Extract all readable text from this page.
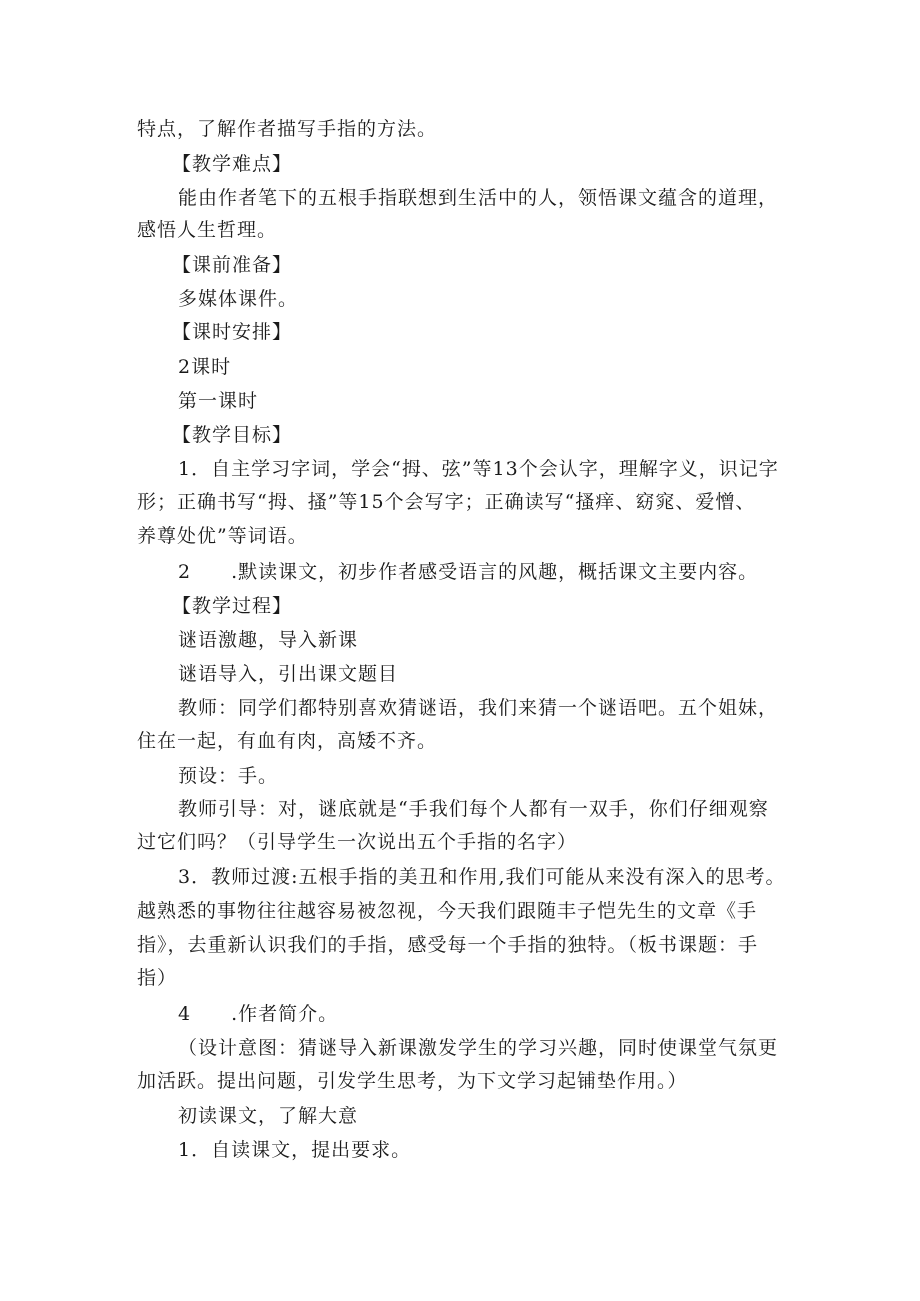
特点，了解作者描写手指的方法。
【教学难点】
能由作者笔下的五根手指联想到生活中的人，领悟课文蕴含的道理，
感悟人生哲理。
【课前准备】
多媒体课件。
【课时安排】
2课时
第一课时
【教学目标】
1．自主学习字词，学会“拇、弦”等13个会认字，理解字义，识记字
形；正确书写“拇、搔”等15个会写字；正确读写“搔痒、窈窕、爱憎、
养尊处优”等词语。
2　　.默读课文，初步作者感受语言的风趣，概括课文主要内容。
【教学过程】
谜语激趣，导入新课
谜语导入，引出课文题目
教师：同学们都特别喜欢猜谜语，我们来猜一个谜语吧。五个姐妹，
住在一起，有血有肉，高矮不齐。
预设：手。
教师引导：对，谜底就是“手我们每个人都有一双手，你们仔细观察
过它们吗？（引导学生一次说出五个手指的名字）
3．教师过渡:五根手指的美丑和作用,我们可能从来没有深入的思考。
越熟悉的事物往往越容易被忽视，今天我们跟随丰子恺先生的文章《手
指》，去重新认识我们的手指，感受每一个手指的独特。（板书课题：手
指）
4　　.作者简介。
（设计意图：猜谜导入新课激发学生的学习兴趣，同时使课堂气氛更
加活跃。提出问题，引发学生思考，为下文学习起铺垫作用。）
初读课文，了解大意
1．自读课文，提出要求。
